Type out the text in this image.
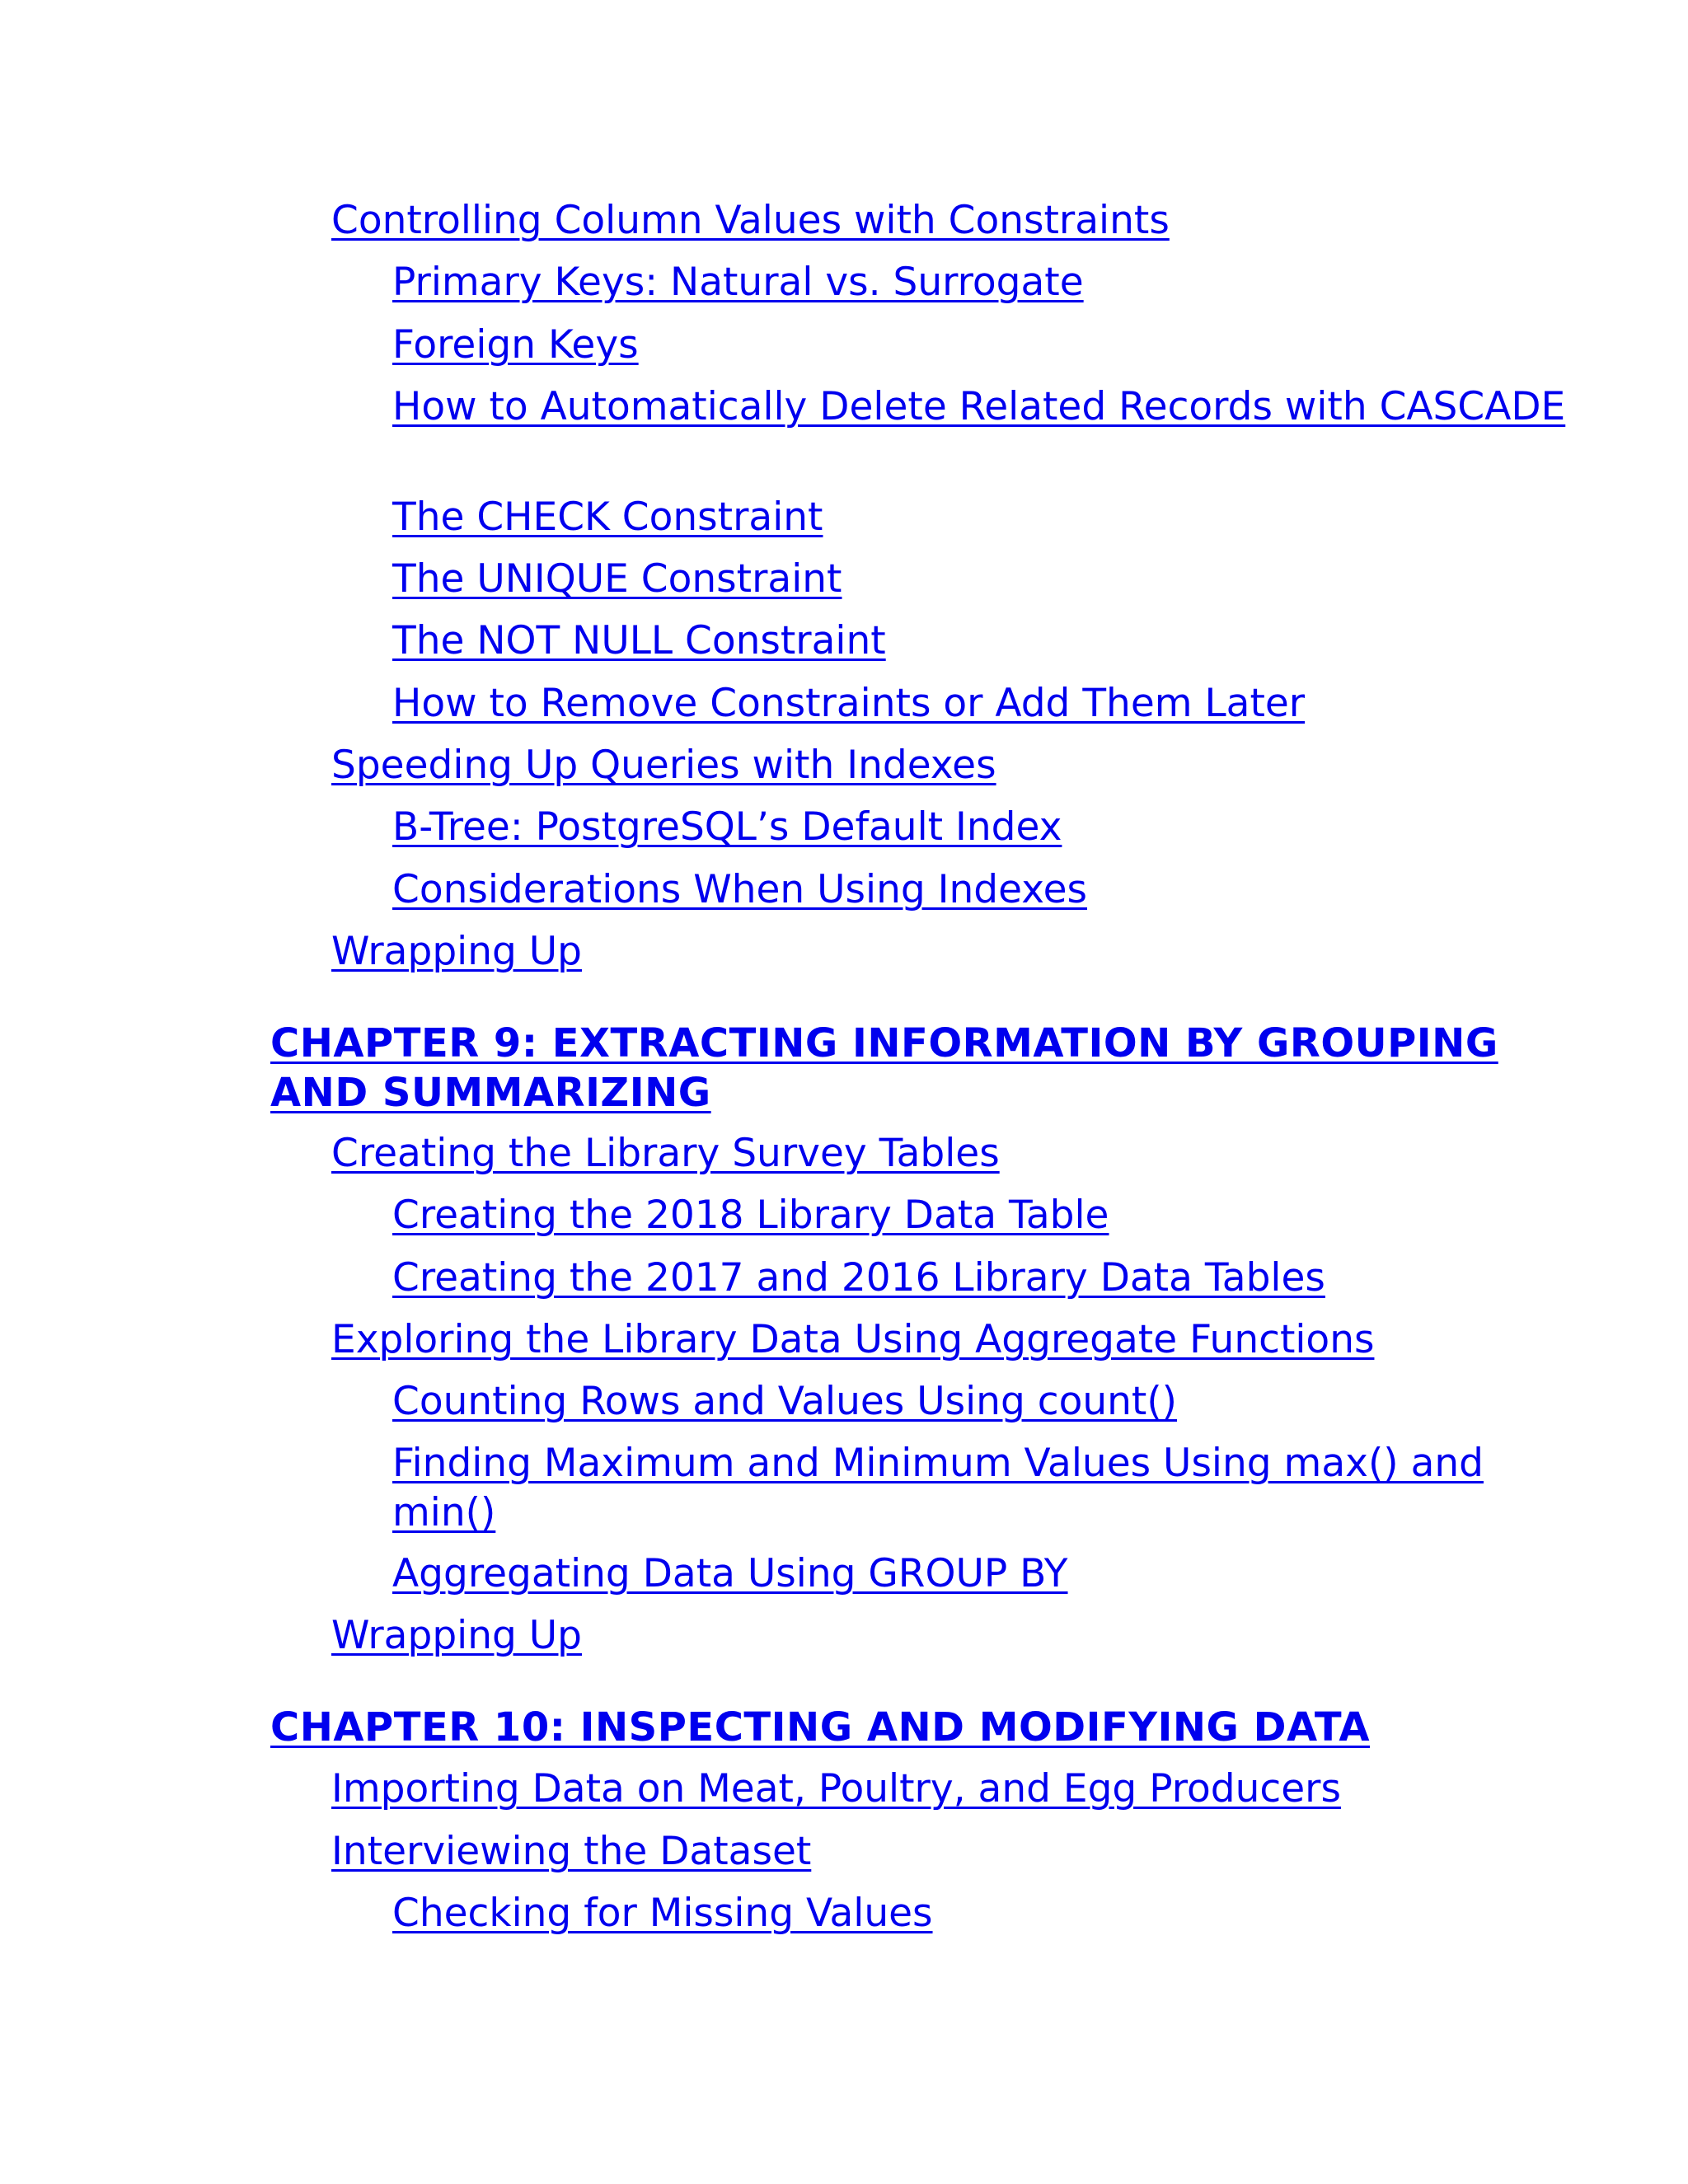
Controlling Column Values with Constraints
Primary Keys: Natural vs. Surrogate
Foreign Keys
How to Automatically Delete Related Records with CASCADE
The CHECK Constraint
The UNIQUE Constraint
The NOT NULL Constraint
How to Remove Constraints or Add Them Later
Speeding Up Queries with Indexes
B-Tree: PostgreSQL’s Default Index
Considerations When Using Indexes
Wrapping Up
CHAPTER 9: EXTRACTING INFORMATION BY GROUPING AND SUMMARIZING
Creating the Library Survey Tables
Creating the 2018 Library Data Table
Creating the 2017 and 2016 Library Data Tables
Exploring the Library Data Using Aggregate Functions
Counting Rows and Values Using count()
Finding Maximum and Minimum Values Using max() and min()
Aggregating Data Using GROUP BY
Wrapping Up
CHAPTER 10: INSPECTING AND MODIFYING DATA
Importing Data on Meat, Poultry, and Egg Producers
Interviewing the Dataset
Checking for Missing Values
